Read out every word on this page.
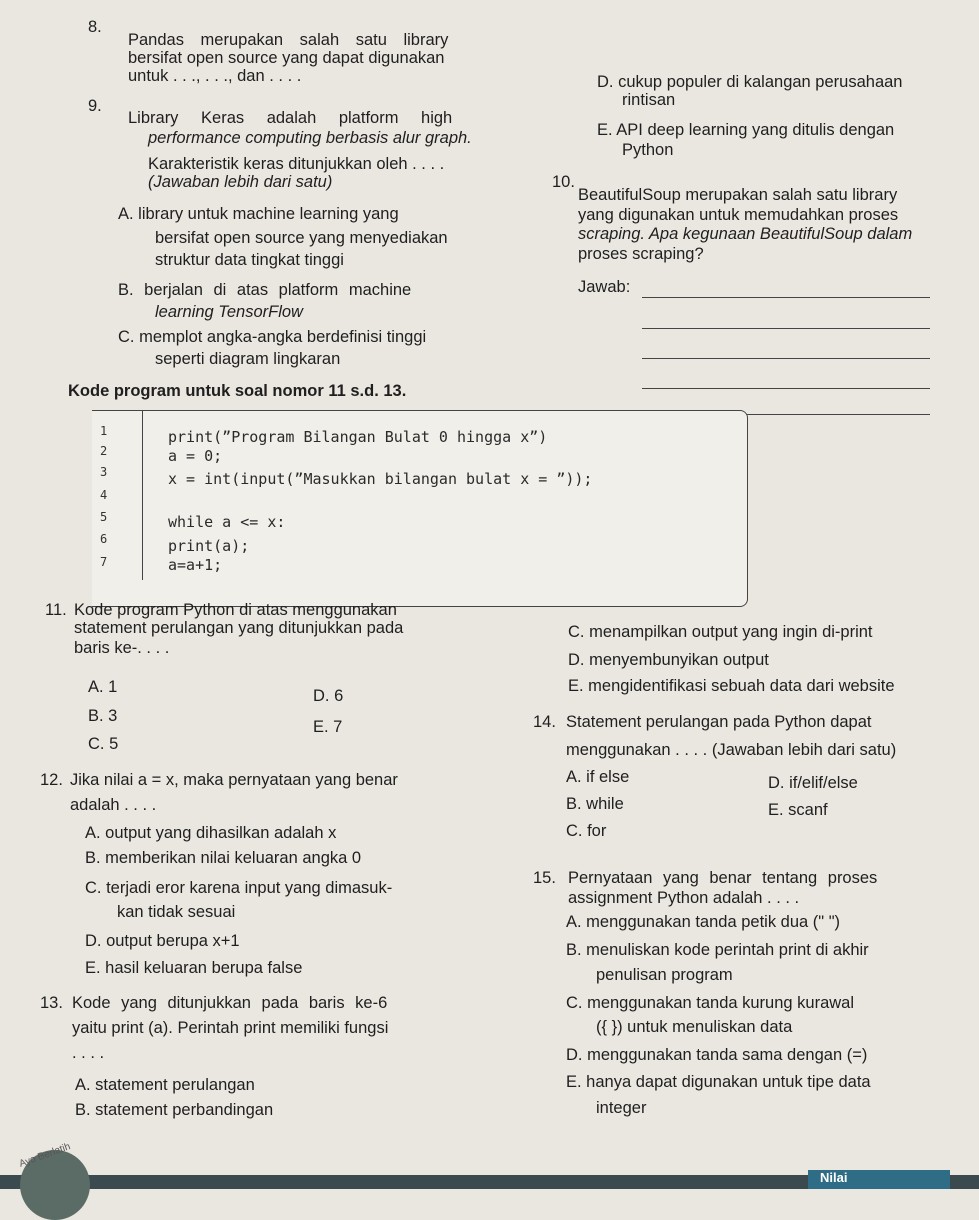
8.
Pandas merupakan salah satu library
bersifat open source yang dapat digunakan
untuk . . ., . . ., dan . . . .	D. cukup populer di kalangan perusahaan
rintisan
E. API deep learning yang ditulis dengan
Python
9.
Library Keras adalah platform high
performance computing berbasis alur graph.
Karakteristik keras ditunjukkan oleh . . . .
(Jawaban lebih dari satu)
A. library untuk machine learning yang
bersifat open source yang menyediakan
struktur data tingkat tinggi
B. berjalan di atas platform machine
learning TensorFlow
C. memplot angka-angka berdefinisi tinggi
seperti diagram lingkaran
10.
BeautifulSoup merupakan salah satu library
yang digunakan untuk memudahkan proses
scraping. Apa kegunaan BeautifulSoup dalam
proses scraping?
Jawab:
Kode program untuk soal nomor 11 s.d. 13.
1
2
3
4
5
6
7
print(”Program Bilangan Bulat 0 hingga x”)
a = 0;
x = int(input(”Masukkan bilangan bulat x = ”));
while a <= x:
print(a);
a=a+1;
11. Kode program Python di atas menggunakan
statement perulangan yang ditunjukkan pada
baris ke-. . . .
A. 1
B. 3
C. 5
D. 6
E. 7
12. Jika nilai a = x, maka pernyataan yang benar
adalah . . . .
A. output yang dihasilkan adalah x
B. memberikan nilai keluaran angka 0
C. terjadi eror karena input yang dimasuk-
kan tidak sesuai
D. output berupa x+1
E. hasil keluaran berupa false
13. Kode yang ditunjukkan pada baris ke-6
yaitu print (a). Perintah print memiliki fungsi
. . . .
A. statement perulangan
B. statement perbandingan
C. menampilkan output yang ingin di-print
D. menyembunyikan output
E. mengidentifikasi sebuah data dari website
14. Statement perulangan pada Python dapat
menggunakan . . . . (Jawaban lebih dari satu)
A. if else
B. while
C. for
D. if/elif/else
E. scanf
15. Pernyataan yang benar tentang proses
assignment Python adalah . . . .
A. menggunakan tanda petik dua (" ")
B. menuliskan kode perintah print di akhir
penulisan program
C. menggunakan tanda kurung kurawal
({ }) untuk menuliskan data
D. menggunakan tanda sama dengan (=)
E. hanya dapat digunakan untuk tipe data
integer
Ayo Berlatih
Nilai
